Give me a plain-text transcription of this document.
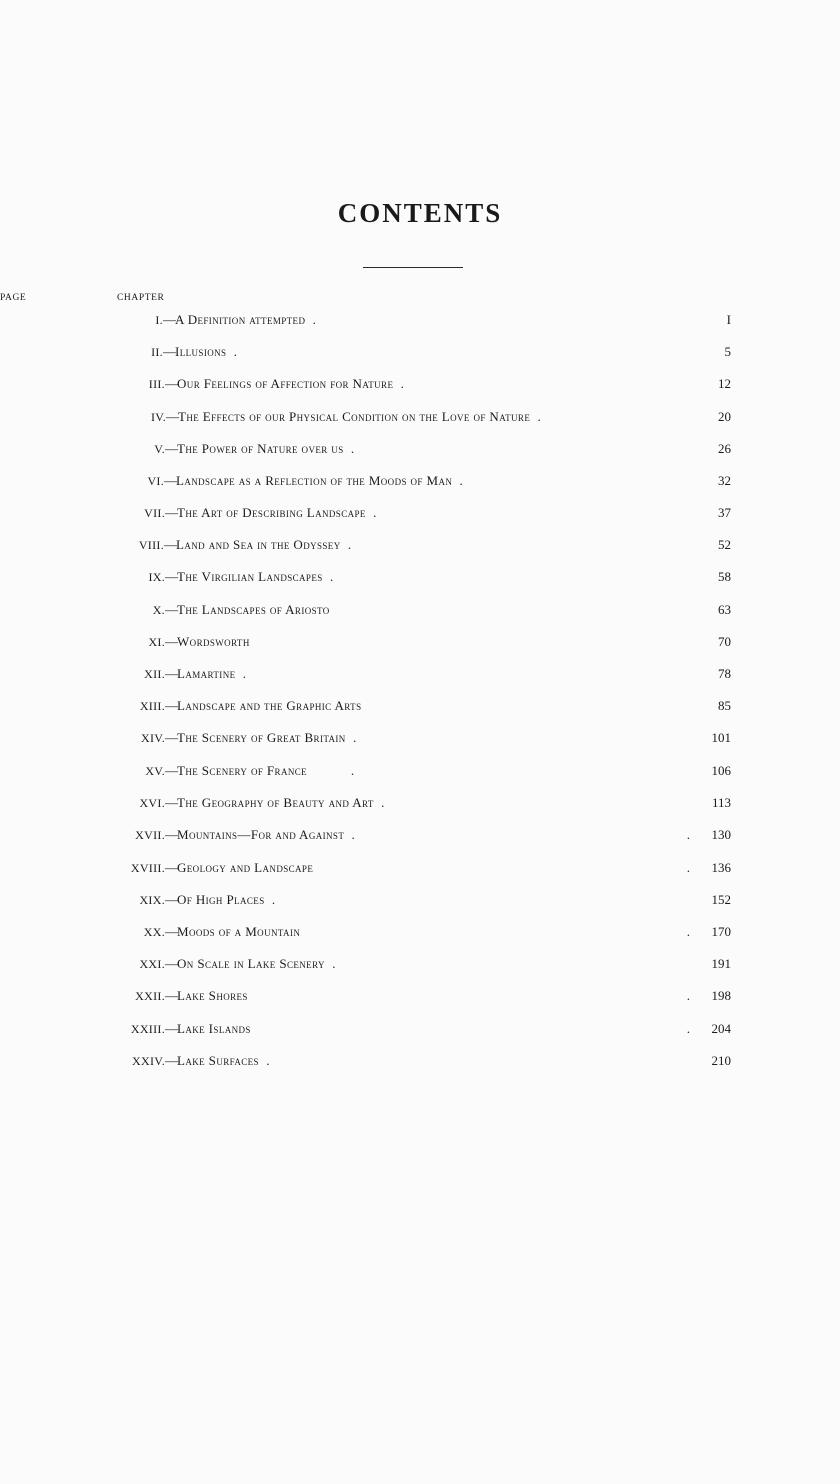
CONTENTS
CHAPTER
PAGE
I. —A Definition attempted  .	I
II. —Illusions  .	5
III. —Our Feelings of Affection for Nature  .	12
IV. —The Effects of our Physical Condition on the Love of Nature  .	20
V. —The Power of Nature over us  .	26
VI. —Landscape as a Reflection of the Moods of Man  .	32
VII. —The Art of Describing Landscape  .	37
VIII. —Land and Sea in the Odyssey  .	52
IX. —The Virgilian Landscapes  .	58
X. —The Landscapes of Ariosto	63
XI. —Wordsworth	70
XII. —Lamartine  .	78
XIII. —Landscape and the Graphic Arts	85
XIV. —The Scenery of Great Britain  .	101
XV. —The Scenery of France            .	106
XVI. —The Geography of Beauty and Art  .	113
XVII. —Mountains—For and Against  .	. 130
XVIII. —Geology and Landscape	. 136
XIX. —Of High Places  .	152
XX. —Moods of a Mountain	. 170
XXI. —On Scale in Lake Scenery  .	191
XXII. —Lake Shores	. 198
XXIII. —Lake Islands	. 204
XXIV. —Lake Surfaces  .	210
